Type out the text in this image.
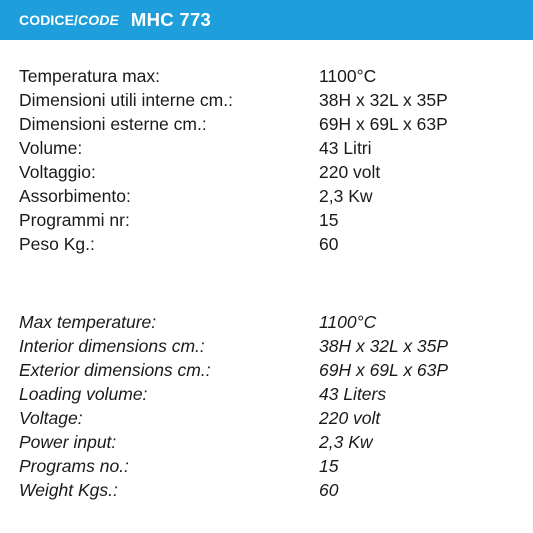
CODICE/CODE MHC 773
Temperatura max:	1100°C
Dimensioni utili interne cm.:	38H x 32L x 35P
Dimensioni esterne cm.:	69H x 69L x 63P
Volume:	43 Litri
Voltaggio:	220 volt
Assorbimento:	2,3 Kw
Programmi nr:	15
Peso Kg.:	60
Max temperature:	1100°C
Interior dimensions cm.:	38H x 32L x 35P
Exterior dimensions cm.:	69H x 69L x 63P
Loading volume:	43 Liters
Voltage:	220 volt
Power input:	2,3 Kw
Programs no.:	15
Weight Kgs.:	60
